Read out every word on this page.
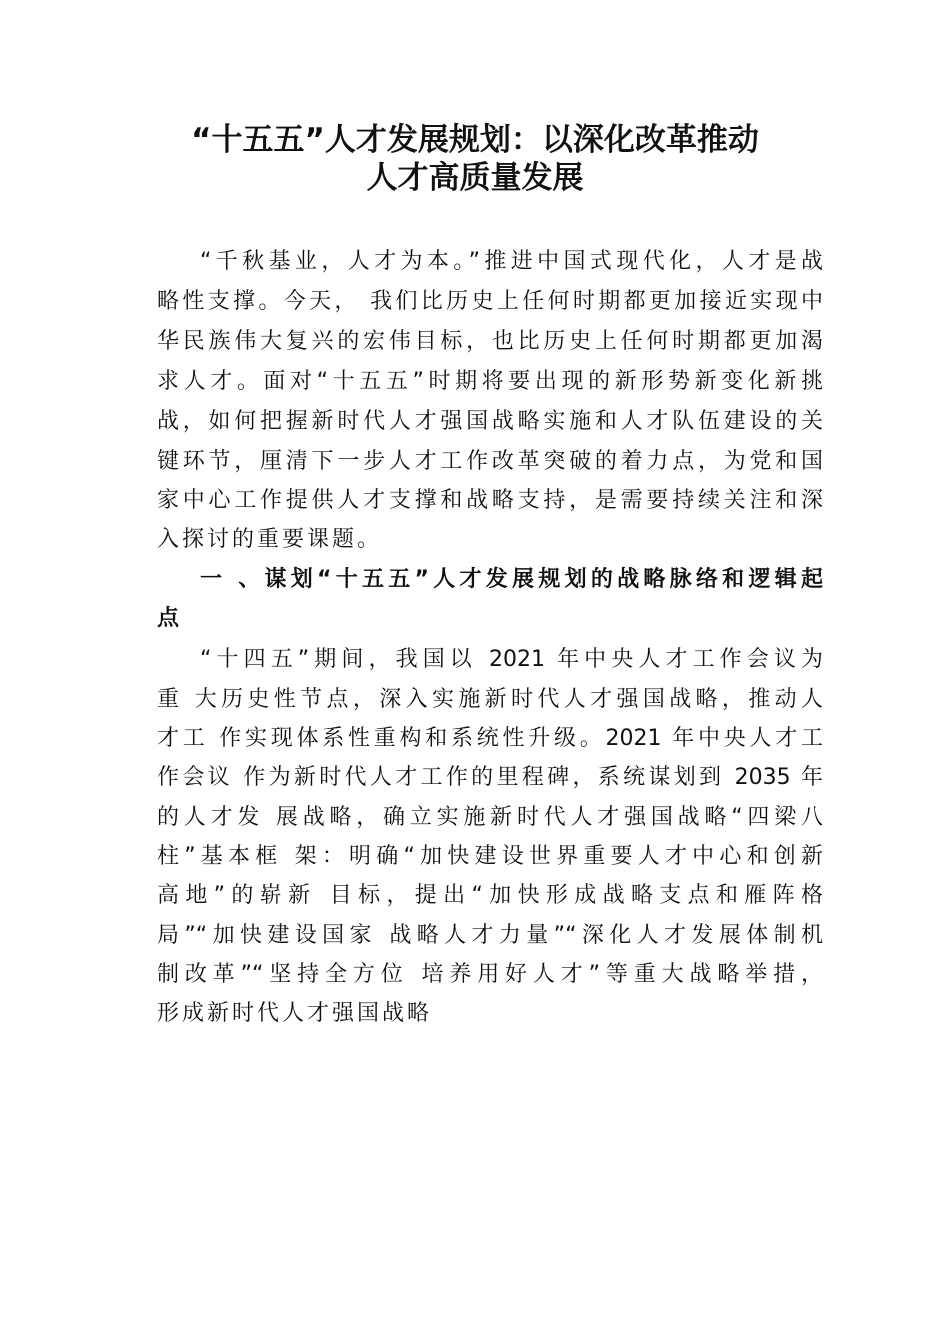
“十五五”人才发展规划：以深化改革推动
人才高质量发展
“千秋基业，人才为本。”推进中国式现代化，人才是战
略性支撑。今天， 我们比历史上任何时期都更加接近实现中
华民族伟大复兴的宏伟目标，也比历史上任何时期都更加渴
求人才。面对“十五五”时期将要出现的新形势新变化新挑
战，如何把握新时代人才强国战略实施和人才队伍建设的关
键环节，厘清下一步人才工作改革突破的着力点，为党和国
家中心工作提供人才支撑和战略支持，是需要持续关注和深
入探讨的重要课题。
一 、谋划“十五五”人才发展规划的战略脉络和逻辑起
点
“十四五”期间，我国以 2021 年中央人才工作会议为
重 大历史性节点，深入实施新时代人才强国战略，推动人
才工 作实现体系性重构和系统性升级。2021 年中央人才工
作会议 作为新时代人才工作的里程碑，系统谋划到 2035 年
的人才发 展战略，确立实施新时代人才强国战略“四梁八
柱”基本框 架：明确“加快建设世界重要人才中心和创新
高地”的崭新 目标，提出“加快形成战略支点和雁阵格
局”“加快建设国家 战略人才力量”“深化人才发展体制机
制改革”“坚持全方位 培养用好人才”等重大战略举措，
形成新时代人才强国战略
